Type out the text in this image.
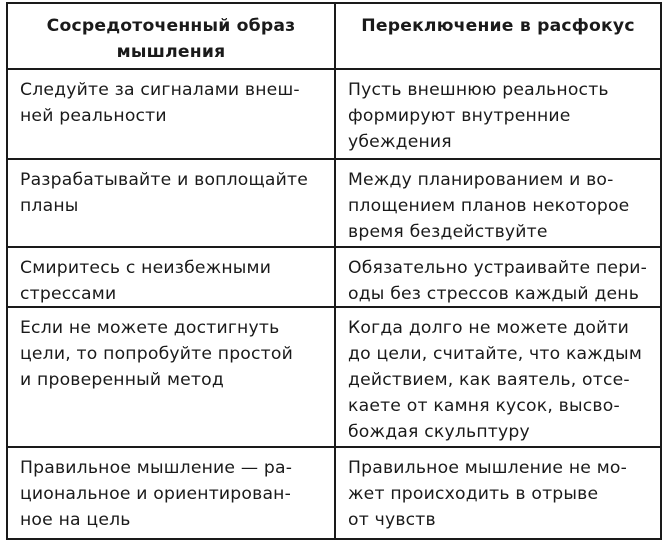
Сосредоточенный образ
мышления
Переключение в расфокус
Следуйте за сигналами внеш-
ней реальности
Пусть внешнюю реальность
формируют внутренние
убеждения
Разрабатывайте и воплощайте
планы
Между планированием и во-
площением планов некоторое
время бездействуйте
Смиритесь с неизбежными
стрессами
Обязательно устраивайте пери-
оды без стрессов каждый день
Если не можете достигнуть
цели, то попробуйте простой
и проверенный метод
Когда долго не можете дойти
до цели, считайте, что каждым
действием, как ваятель, отсе-
каете от камня кусок, высво-
бождая скульптуру
Правильное мышление — ра-
циональное и ориентирован-
ное на цель
Правильное мышление не мо-
жет происходить в отрыве
от чувств
